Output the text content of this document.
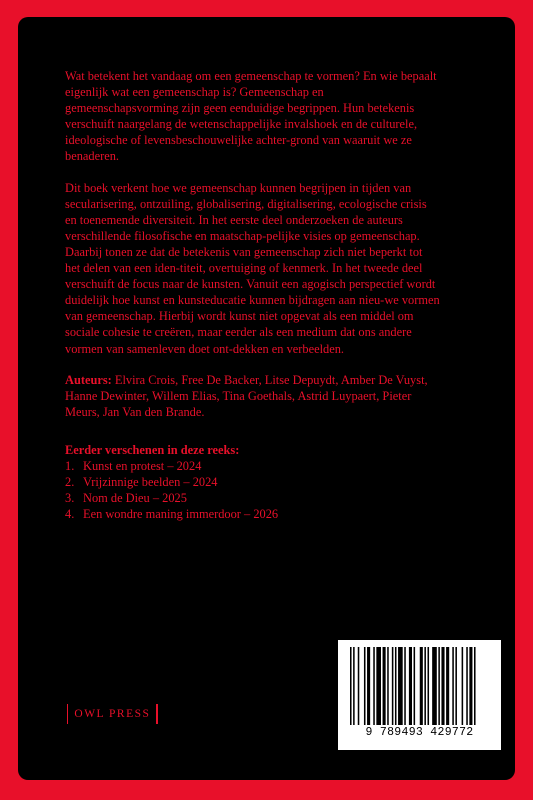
Wat betekent het vandaag om een gemeenschap te vormen? En wie bepaalt eigenlijk wat een gemeenschap is? Gemeenschap en gemeenschapsvorming zijn geen eenduidige begrippen. Hun betekenis verschuift naargelang de wetenschappelijke invalshoek en de culturele, ideologische of levensbeschouwelijke achter-grond van waaruit we ze benaderen.

Dit boek verkent hoe we gemeenschap kunnen begrijpen in tijden van secularisering, ontzuiling, globalisering, digitalisering, ecologische crisis en toenemende diversiteit. In het eerste deel onderzoeken de auteurs verschillende filosofische en maatschap-pelijke visies op gemeenschap. Daarbij tonen ze dat de betekenis van gemeenschap zich niet beperkt tot het delen van een iden-titeit, overtuiging of kenmerk. In het tweede deel verschuift de focus naar de kunsten. Vanuit een agogisch perspectief wordt duidelijk hoe kunst en kunsteducatie kunnen bijdragen aan nieu-we vormen van gemeenschap. Hierbij wordt kunst niet opgevat als een middel om sociale cohesie te creëren, maar eerder als een medium dat ons andere vormen van samenleven doet ont-dekken en verbeelden.

Auteurs: Elvira Crois, Free De Backer, Litse Depuydt, Amber De Vuyst, Hanne Dewinter, Willem Elias, Tina Goethals, Astrid Luypaert, Pieter Meurs, Jan Van den Brande.

Eerder verschenen in deze reeks:
1. Kunst en protest – 2024
2. Vrijzinnige beelden – 2024
3. Nom de Dieu – 2025
4. Een wondre maning immerdoor – 2026
OWL PRESS
9 789493 429772
